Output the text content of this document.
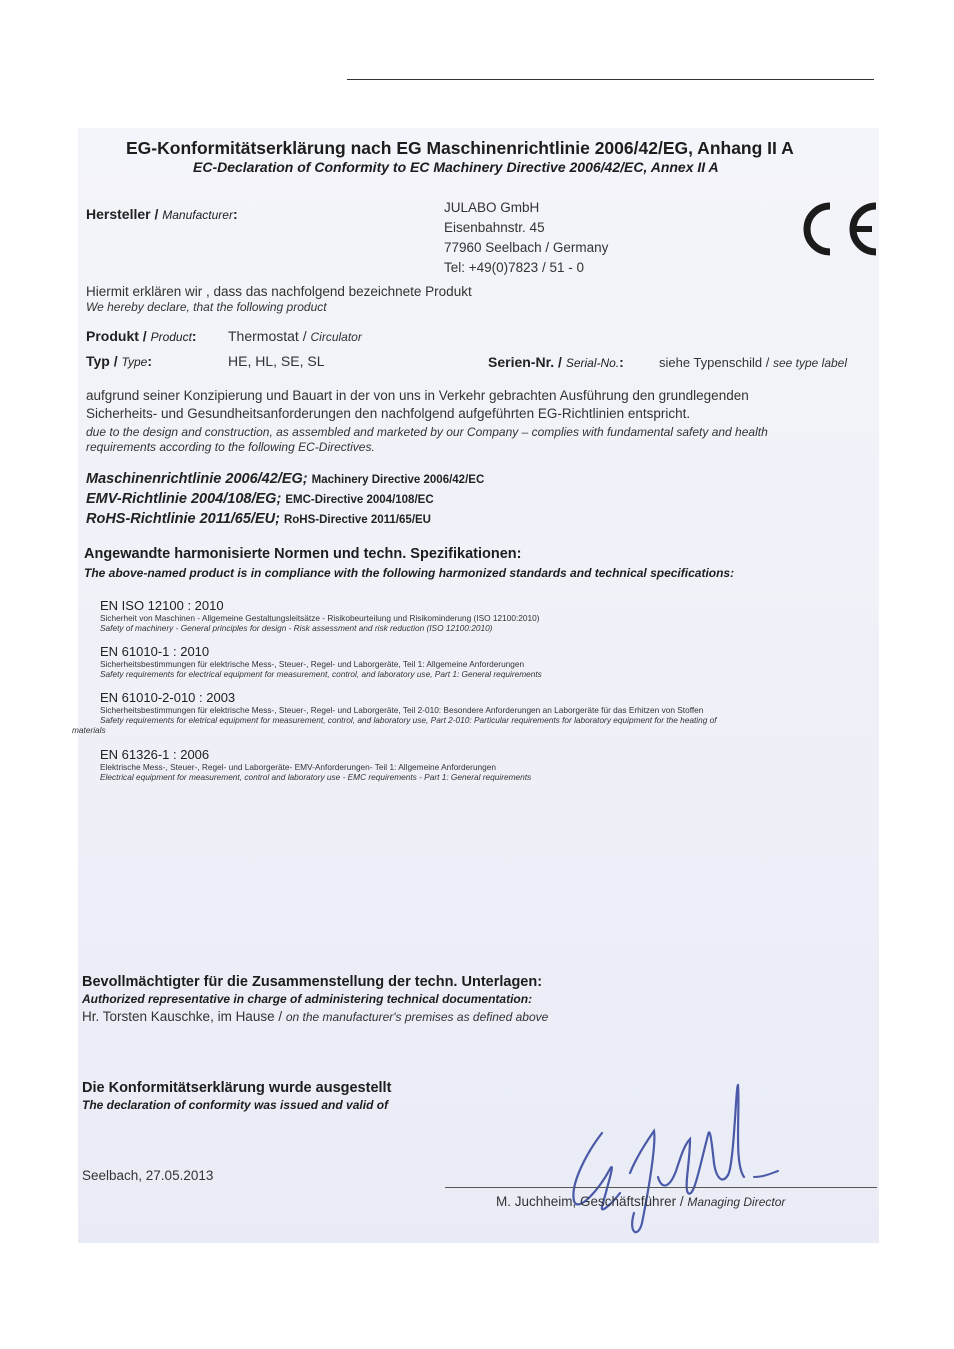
EG-Konformitätserklärung nach EG Maschinenrichtlinie 2006/42/EG, Anhang II A
EC-Declaration of Conformity to EC Machinery Directive 2006/42/EC, Annex II A
Hersteller / Manufacturer:	JULABO GmbH
Eisenbahnstr. 45
77960 Seelbach / Germany
Tel: +49(0)7823 / 51 - 0
Hiermit erklären wir , dass das nachfolgend bezeichnete Produkt
We hereby declare, that the following product
Produkt / Product: Thermostat / Circulator
Typ / Type:	HE, HL, SE, SL	Serien-Nr. / Serial-No.:	siehe Typenschild / see type label
aufgrund seiner Konzipierung und Bauart in der von uns in Verkehr gebrachten Ausführung den grundlegenden
Sicherheits- und Gesundheitsanforderungen den nachfolgend aufgeführten EG-Richtlinien entspricht.
due to the design and construction, as assembled and marketed by our Company – complies with fundamental safety and health
requirements according to the following EC-Directives.
Maschinenrichtlinie 2006/42/EG; Machinery Directive 2006/42/EC
EMV-Richtlinie 2004/108/EG; EMC-Directive 2004/108/EC
RoHS-Richtlinie 2011/65/EU; RoHS-Directive 2011/65/EU
Angewandte harmonisierte Normen und techn. Spezifikationen:
The above-named product is in compliance with the following harmonized standards and technical specifications:
EN ISO 12100 : 2010
Sicherheit von Maschinen - Allgemeine Gestaltungsleitsätze - Risikobeurteilung und Risikominderung (ISO 12100:2010)
Safety of machinery - General principles for design - Risk assessment and risk reduction (ISO 12100:2010)
EN 61010-1 : 2010
Sicherheitsbestimmungen für elektrische Mess-, Steuer-, Regel- und Laborgeräte, Teil 1: Allgemeine Anforderungen
Safety requirements for electrical equipment for measurement, control, and laboratory use, Part 1: General requirements
EN 61010-2-010 : 2003
Sicherheitsbestimmungen für elektrische Mess-, Steuer-, Regel- und Laborgeräte, Teil 2-010: Besondere Anforderungen an Laborgeräte für das Erhitzen von Stoffen
Safety requirements for eletrical equipment for measurement, control, and laboratory use, Part 2-010: Particular requirements for laboratory equipment for the heating of
materials
EN 61326-1 : 2006
Elektrische Mess-, Steuer-, Regel- und Laborgeräte- EMV-Anforderungen- Teil 1: Allgemeine Anforderungen
Electrical equipment for measurement, control and laboratory use - EMC requirements - Part 1: General requirements
Bevollmächtigter für die Zusammenstellung der techn. Unterlagen:
Authorized representative in charge of administering technical documentation:
Hr. Torsten Kauschke, im Hause / on the manufacturer's premises as defined above
Die Konformitätserklärung wurde ausgestellt
The declaration of conformity was issued and valid of
Seelbach, 27.05.2013
M. Juchheim, Geschäftsführer / Managing Director
